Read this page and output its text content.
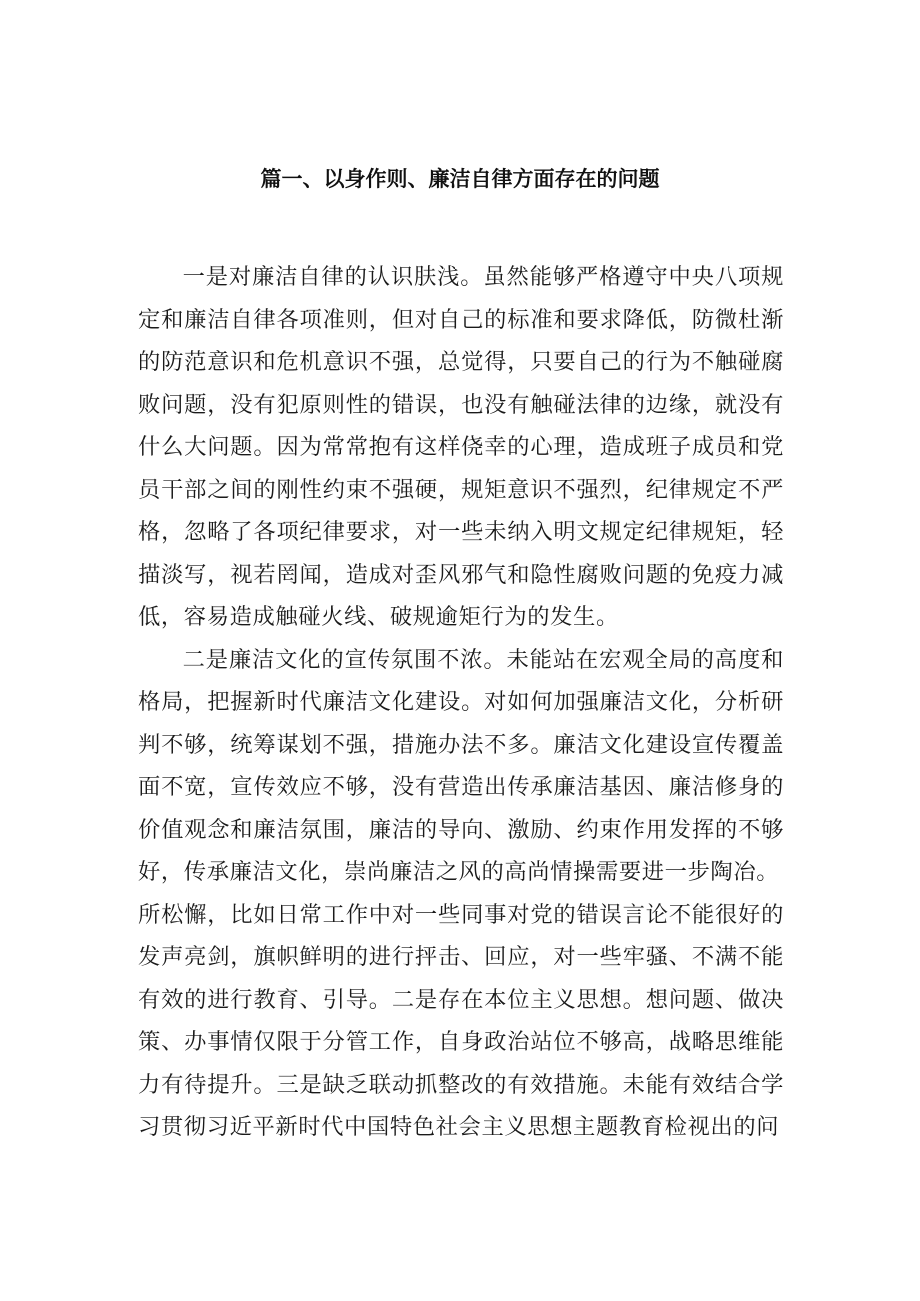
篇一、以身作则、廉洁自律方面存在的问题

一是对廉洁自律的认识肤浅。虽然能够严格遵守中央八项规定和廉洁自律各项准则，但对自己的标准和要求降低，防微杜渐的防范意识和危机意识不强，总觉得，只要自己的行为不触碰腐败问题，没有犯原则性的错误，也没有触碰法律的边缘，就没有什么大问题。因为常常抱有这样侥幸的心理，造成班子成员和党员干部之间的刚性约束不强硬，规矩意识不强烈，纪律规定不严格，忽略了各项纪律要求，对一些未纳入明文规定纪律规矩，轻描淡写，视若罔闻，造成对歪风邪气和隐性腐败问题的免疫力减低，容易造成触碰火线、破规逾矩行为的发生。

二是廉洁文化的宣传氛围不浓。未能站在宏观全局的高度和格局，把握新时代廉洁文化建设。对如何加强廉洁文化，分析研判不够，统筹谋划不强，措施办法不多。廉洁文化建设宣传覆盖面不宽，宣传效应不够，没有营造出传承廉洁基因、廉洁修身的价值观念和廉洁氛围，廉洁的导向、激励、约束作用发挥的不够好，传承廉洁文化，崇尚廉洁之风的高尚情操需要进一步陶冶。

所松懈，比如日常工作中对一些同事对党的错误言论不能很好的发声亮剑，旗帜鲜明的进行抨击、回应，对一些牢骚、不满不能有效的进行教育、引导。二是存在本位主义思想。想问题、做决策、办事情仅限于分管工作，自身政治站位不够高，战略思维能力有待提升。三是缺乏联动抓整改的有效措施。未能有效结合学习贯彻习近平新时代中国特色社会主义思想主题教育检视出的问
